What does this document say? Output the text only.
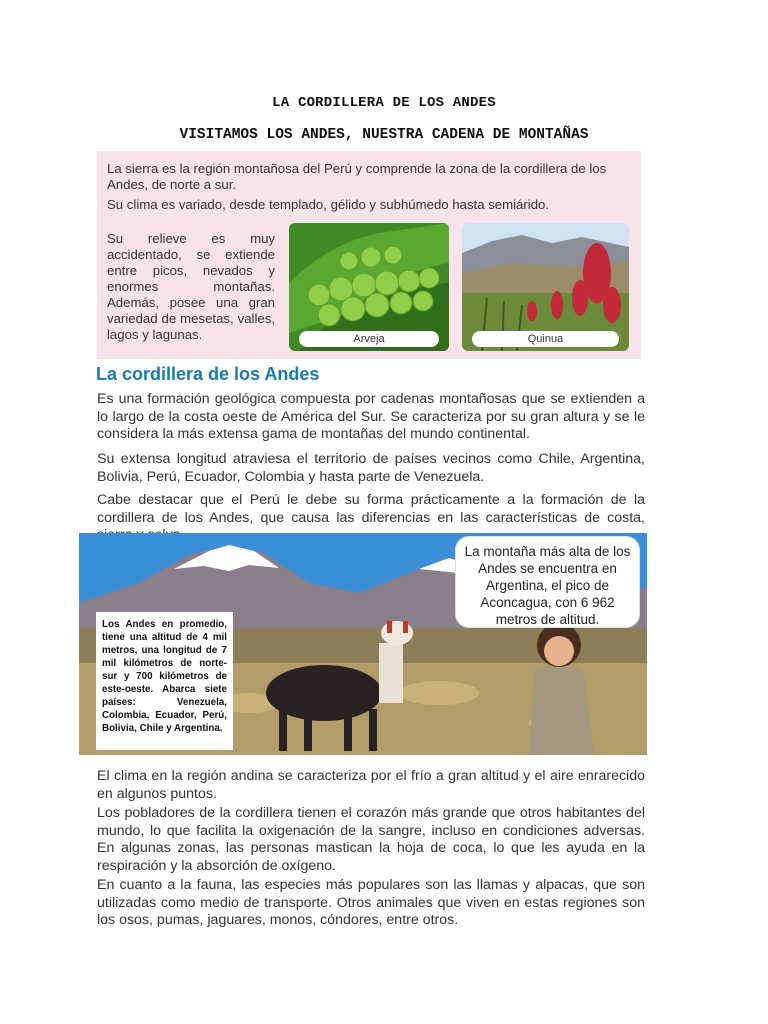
LA CORDILLERA DE LOS ANDES
VISITAMOS LOS ANDES, NUESTRA CADENA DE MONTAÑAS

La sierra es la región montañosa del Perú y comprende la zona de la cordillera de los Andes, de norte a sur.

Su clima es variado, desde templado, gélido y subhúmedo hasta semiárido.

Su relieve es muy accidentado, se extiende entre picos, nevados y enormes montañas. Además, posee una gran variedad de mesetas, valles, lagos y lagunas.	Arveja	Quinua
La cordillera de los Andes

Es una formación geológica compuesta por cadenas montañosas que se extienden a lo largo de la costa oeste de América del Sur. Se caracteriza por su gran altura y se le considera la más extensa gama de montañas del mundo continental.

Su extensa longitud atraviesa el territorio de países vecinos como Chile, Argentina, Bolivia, Perú, Ecuador, Colombia y hasta parte de Venezuela.

Cabe destacar que el Perú le debe su forma prácticamente a la formación de la cordillera de los Andes, que causa las diferencias en las características de costa,

Los Andes en promedio, tiene una altitud de 4 mil metros, una longitud de 7 mil kilómetros de norte-sur y 700 kilómetros de este-oeste. Abarca siete países: Venezuela, Colombia, Ecuador, Perú, Bolivia, Chile y Argentina.
La montaña más alta de los Andes se encuentra en Argentina, el pico de Aconcagua, con 6 962 metros de altitud.

El clima en la región andina se caracteriza por el frío a gran altitud y el aire enrarecido en algunos puntos.

Los pobladores de la cordillera tienen el corazón más grande que otros habitantes del mundo, lo que facilita la oxigenación de la sangre, incluso en condiciones adversas. En algunas zonas, las personas mastican la hoja de coca, lo que les ayuda en la respiración y la absorción de oxígeno.

En cuanto a la fauna, las especies más populares son las llamas y alpacas, que son utilizadas como medio de transporte. Otros animales que viven en estas regiones son los osos, pumas, jaguares, monos, cóndores, entre otros.
